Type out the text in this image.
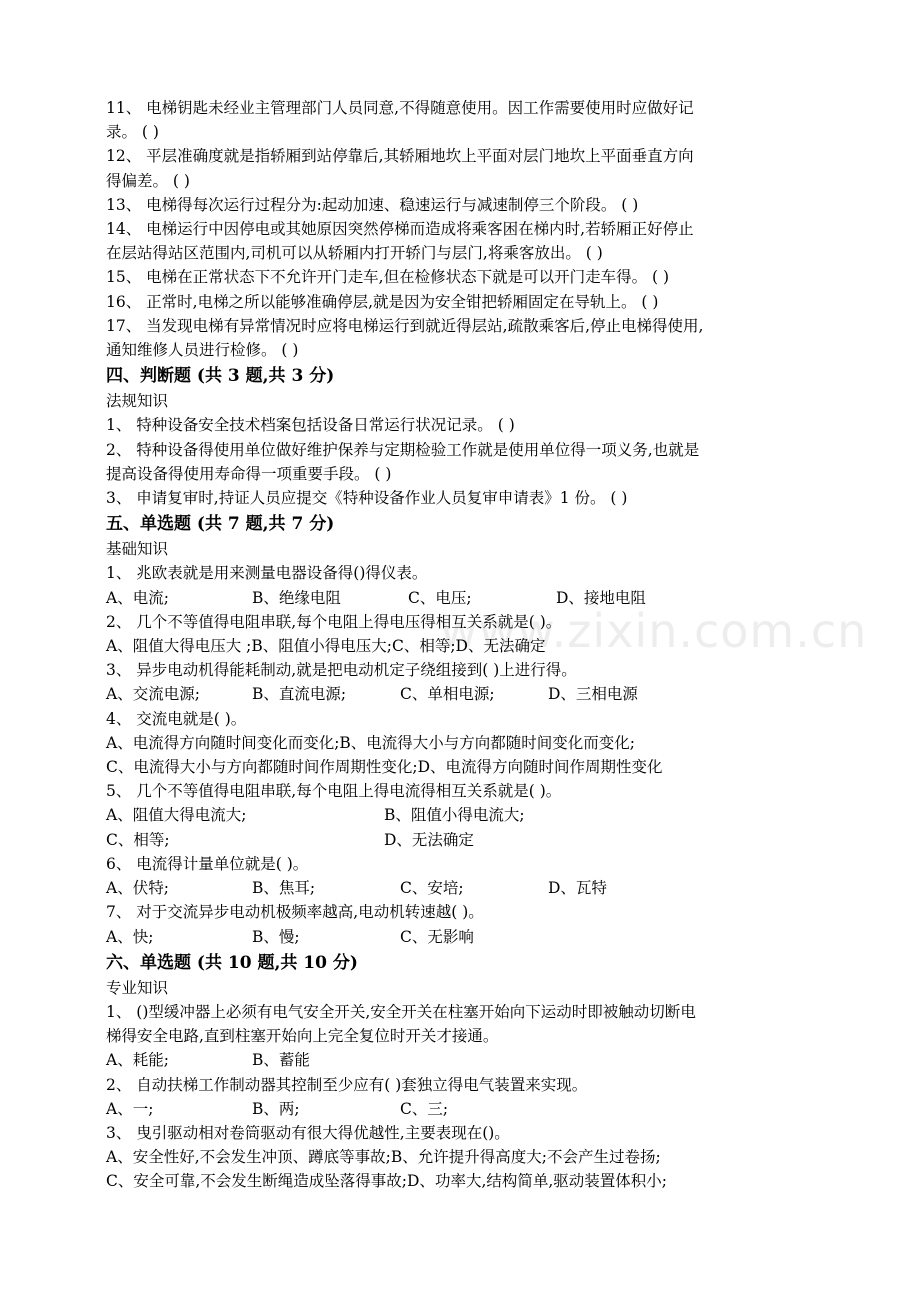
11、 电梯钥匙未经业主管理部门人员同意,不得随意使用。因工作需要使用时应做好记
录。 ( )
12、 平层准确度就是指轿厢到站停靠后,其轿厢地坎上平面对层门地坎上平面垂直方向
得偏差。 ( )
13、 电梯得每次运行过程分为:起动加速、稳速运行与减速制停三个阶段。 ( )
14、 电梯运行中因停电或其她原因突然停梯而造成将乘客困在梯内时,若轿厢正好停止
在层站得站区范围内,司机可以从轿厢内打开轿门与层门,将乘客放出。 ( )
15、 电梯在正常状态下不允许开门走车,但在检修状态下就是可以开门走车得。 ( )
16、 正常时,电梯之所以能够准确停层,就是因为安全钳把轿厢固定在导轨上。 ( )
17、 当发现电梯有异常情况时应将电梯运行到就近得层站,疏散乘客后,停止电梯得使用,
通知维修人员进行检修。 ( )
四、判断题 (共 3 题,共 3 分)
法规知识
1、 特种设备安全技术档案包括设备日常运行状况记录。 ( )
2、 特种设备得使用单位做好维护保养与定期检验工作就是使用单位得一项义务,也就是
提高设备得使用寿命得一项重要手段。 ( )
3、 申请复审时,持证人员应提交《特种设备作业人员复审申请表》1 份。 ( )
五、单选题 (共 7 题,共 7 分)
基础知识
1、 兆欧表就是用来测量电器设备得()得仪表。
A、电流;	B、绝缘电阻	C、电压;	D、接地电阻
2、 几个不等值得电阻串联,每个电阻上得电压得相互关系就是( )。
A、阻值大得电压大 ;B、阻值小得电压大;C、相等;D、无法确定
3、 异步电动机得能耗制动,就是把电动机定子绕组接到( )上进行得。
A、交流电源;	B、直流电源;	C、单相电源;	D、三相电源
4、 交流电就是( )。
A、电流得方向随时间变化而变化;B、电流得大小与方向都随时间变化而变化;
C、电流得大小与方向都随时间作周期性变化;D、电流得方向随时间作周期性变化
5、 几个不等值得电阻串联,每个电阻上得电流得相互关系就是( )。
A、阻值大得电流大;	B、阻值小得电流大;
C、相等;	D、无法确定
6、 电流得计量单位就是( )。
A、伏特;	B、焦耳;	C、安培;	D、瓦特
7、 对于交流异步电动机极频率越高,电动机转速越( )。
A、快;	B、慢;	C、无影响
六、单选题 (共 10 题,共 10 分)
专业知识
1、 ()型缓冲器上必须有电气安全开关,安全开关在柱塞开始向下运动时即被触动切断电
梯得安全电路,直到柱塞开始向上完全复位时开关才接通。
A、耗能;	B、蓄能
2、 自动扶梯工作制动器其控制至少应有( )套独立得电气装置来实现。
A、一;	B、两;	C、三;
3、 曳引驱动相对卷筒驱动有很大得优越性,主要表现在()。
A、安全性好,不会发生冲顶、蹲底等事故;B、允许提升得高度大;不会产生过卷扬;
C、安全可靠,不会发生断绳造成坠落得事故;D、功率大,结构简单,驱动装置体积小;
www.zixin.com.cn
